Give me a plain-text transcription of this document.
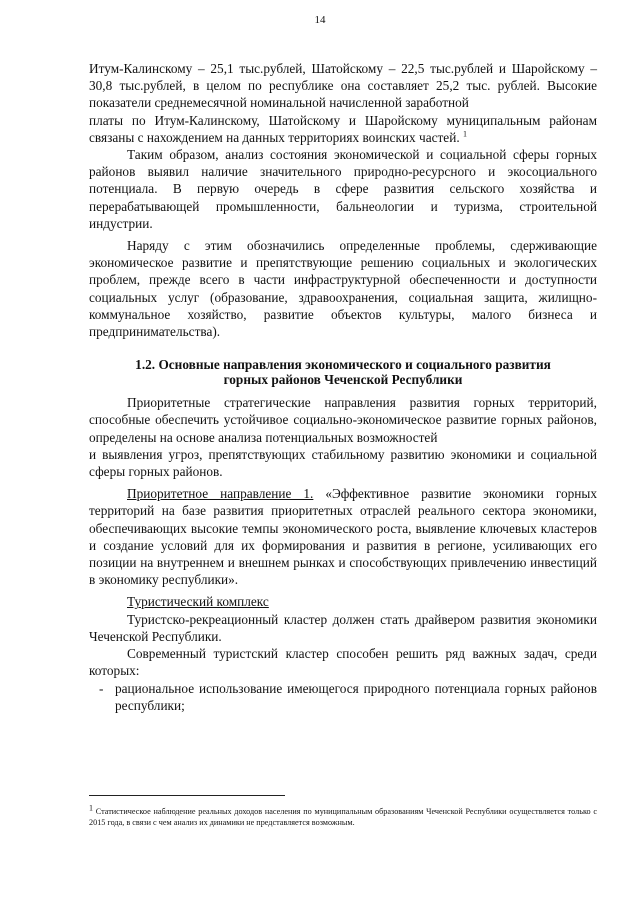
14

Итум-Калинскому – 25,1 тыс.рублей, Шатойскому – 22,5 тыс.рублей и Шаройскому – 30,8 тыс.рублей, в целом по республике она составляет 25,2 тыс. рублей. Высокие показатели среднемесячной номинальной начисленной заработной

платы по Итум-Калинскому, Шатойскому и Шаройскому муниципальным районам связаны с нахождением на данных территориях воинских частей. $^1$

Таким образом, анализ состояния экономической и социальной сферы горных районов выявил наличие значительного природно-ресурсного и экосоциального потенциала. В первую очередь в сфере развития сельского хозяйства и перерабатывающей промышленности, бальнеологии и туризма, строительной индустрии.

Наряду с этим обозначились определенные проблемы, сдерживающие экономическое развитие и препятствующие решению социальных и экологических проблем, прежде всего в части инфраструктурной обеспеченности и доступности социальных услуг (образование, здравоохранения, социальная защита, жилищно-коммунальное хозяйство, развитие объектов культуры, малого бизнеса и предпринимательства).

1.2. Основные направления экономического и социального развития
горных районов Чеченской Республики

Приоритетные стратегические направления развития горных территорий, способные обеспечить устойчивое социально-экономическое развитие горных районов, определены на основе анализа потенциальных возможностей

и выявления угроз, препятствующих стабильному развитию экономики и социальной сферы горных районов.

Приоритетное направление 1. «Эффективное развитие экономики горных территорий на базе развития приоритетных отраслей реального сектора экономики, обеспечивающих высокие темпы экономического роста, выявление ключевых кластеров и создание условий для их формирования и развития в регионе, усиливающих его позиции на внутреннем и внешнем рынках и способствующих привлечению инвестиций в экономику республики».

Туристический комплекс

Туристско-рекреационный кластер должен стать драйвером развития экономики Чеченской Республики.

Современный туристский кластер способен решить ряд важных задач, среди которых:

- рациональное использование имеющегося природного потенциала горных районов республики;
$^1$ Статистическое наблюдение реальных доходов населения по муниципальным образованиям Чеченской Республики осуществляется только с 2015 года, в связи с чем анализ их динамики не представляется возможным.
